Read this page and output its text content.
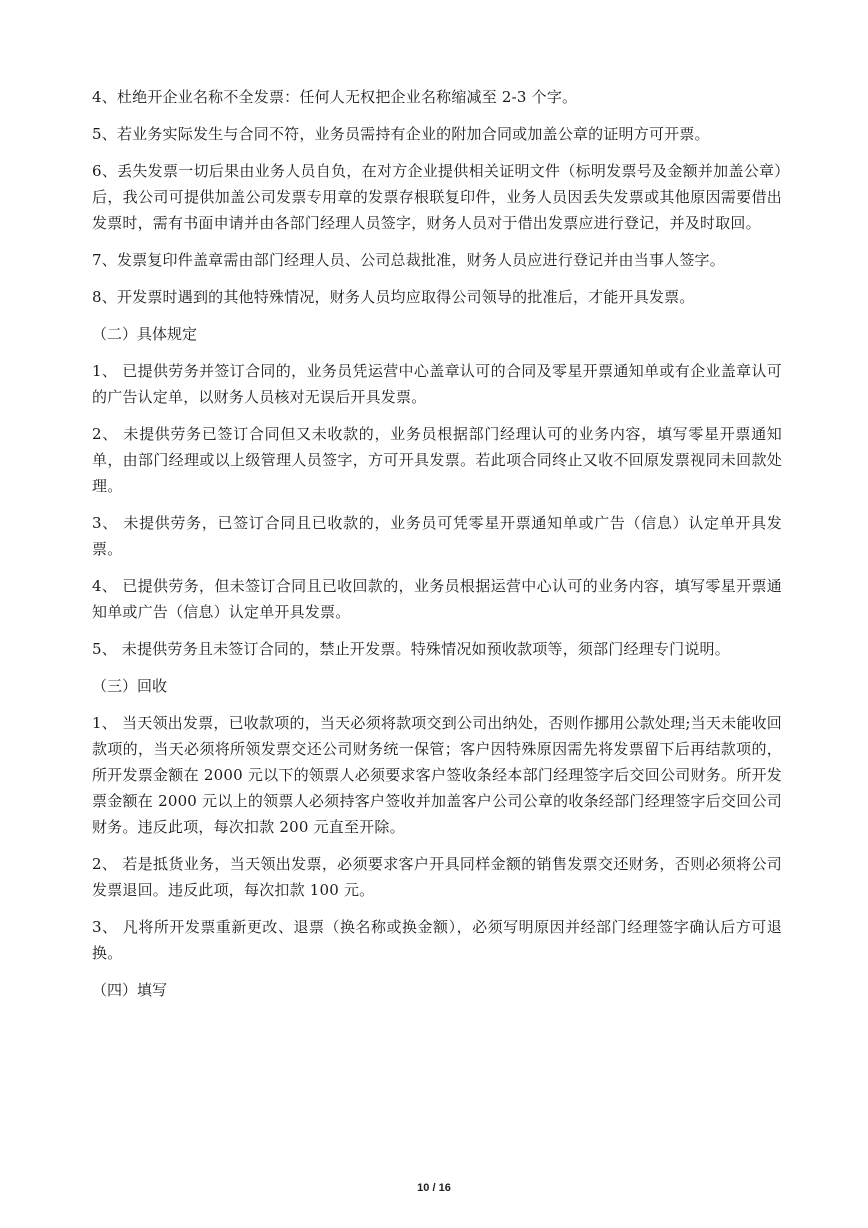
4、杜绝开企业名称不全发票：任何人无权把企业名称缩减至 2-3 个字。

5、若业务实际发生与合同不符，业务员需持有企业的附加合同或加盖公章的证明方可开票。

6、丢失发票一切后果由业务人员自负，在对方企业提供相关证明文件（标明发票号及金额并加盖公章）后，我公司可提供加盖公司发票专用章的发票存根联复印件，业务人员因丢失发票或其他原因需要借出发票时，需有书面申请并由各部门经理人员签字，财务人员对于借出发票应进行登记，并及时取回。

7、发票复印件盖章需由部门经理人员、公司总裁批准，财务人员应进行登记并由当事人签字。

8、开发票时遇到的其他特殊情况，财务人员均应取得公司领导的批准后，才能开具发票。

（二）具体规定

1、 已提供劳务并签订合同的，业务员凭运营中心盖章认可的合同及零星开票通知单或有企业盖章认可的广告认定单，以财务人员核对无误后开具发票。

2、 未提供劳务已签订合同但又未收款的，业务员根据部门经理认可的业务内容，填写零星开票通知单，由部门经理或以上级管理人员签字，方可开具发票。若此项合同终止又收不回原发票视同未回款处理。

3、 未提供劳务，已签订合同且已收款的，业务员可凭零星开票通知单或广告（信息）认定单开具发票。

4、 已提供劳务，但未签订合同且已收回款的，业务员根据运营中心认可的业务内容，填写零星开票通知单或广告（信息）认定单开具发票。

5、 未提供劳务且未签订合同的，禁止开发票。特殊情况如预收款项等，须部门经理专门说明。

（三）回收

1、 当天领出发票，已收款项的，当天必须将款项交到公司出纳处，否则作挪用公款处理;当天未能收回款项的，当天必须将所领发票交还公司财务统一保管；客户因特殊原因需先将发票留下后再结款项的，所开发票金额在 2000 元以下的领票人必须要求客户签收条经本部门经理签字后交回公司财务。所开发票金额在 2000 元以上的领票人必须持客户签收并加盖客户公司公章的收条经部门经理签字后交回公司财务。违反此项，每次扣款 200 元直至开除。

2、 若是抵货业务，当天领出发票，必须要求客户开具同样金额的销售发票交还财务，否则必须将公司发票退回。违反此项，每次扣款 100 元。

3、 凡将所开发票重新更改、退票（换名称或换金额），必须写明原因并经部门经理签字确认后方可退换。

（四）填写

10 / 16
